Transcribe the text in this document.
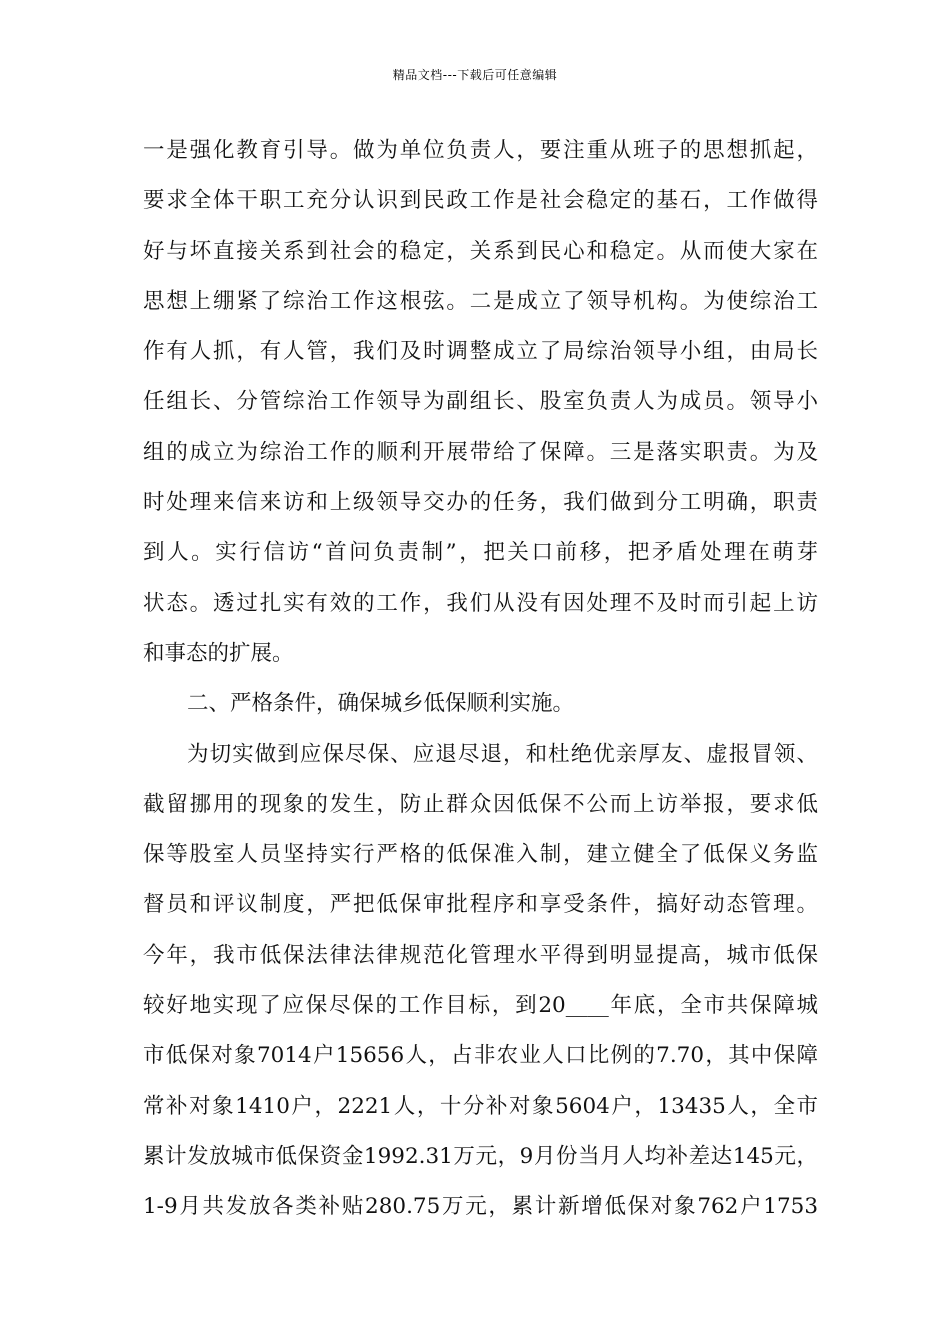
精品文档---下载后可任意编辑
一是强化教育引导。做为单位负责人，要注重从班子的思想抓起，
要求全体干职工充分认识到民政工作是社会稳定的基石，工作做得
好与坏直接关系到社会的稳定，关系到民心和稳定。从而使大家在
思想上绷紧了综治工作这根弦。二是成立了领导机构。为使综治工
作有人抓，有人管，我们及时调整成立了局综治领导小组，由局长
任组长、分管综治工作领导为副组长、股室负责人为成员。领导小
组的成立为综治工作的顺利开展带给了保障。三是落实职责。为及
时处理来信来访和上级领导交办的任务，我们做到分工明确，职责
到人。实行信访“首问负责制”，把关口前移，把矛盾处理在萌芽
状态。透过扎实有效的工作，我们从没有因处理不及时而引起上访
和事态的扩展。
二、严格条件，确保城乡低保顺利实施。
为切实做到应保尽保、应退尽退，和杜绝优亲厚友、虚报冒领、
截留挪用的现象的发生，防止群众因低保不公而上访举报，要求低
保等股室人员坚持实行严格的低保准入制，建立健全了低保义务监
督员和评议制度，严把低保审批程序和享受条件，搞好动态管理。
今年，我市低保法律法律规范化管理水平得到明显提高，城市低保
较好地实现了应保尽保的工作目标，到20____年底，全市共保障城
市低保对象7014户15656人，占非农业人口比例的7.70，其中保障
常补对象1410户，2221人，十分补对象5604户，13435人，全市
累计发放城市低保资金1992.31万元，9月份当月人均补差达145元，
1-9月共发放各类补贴280.75万元，累计新增低保对象762户1753
